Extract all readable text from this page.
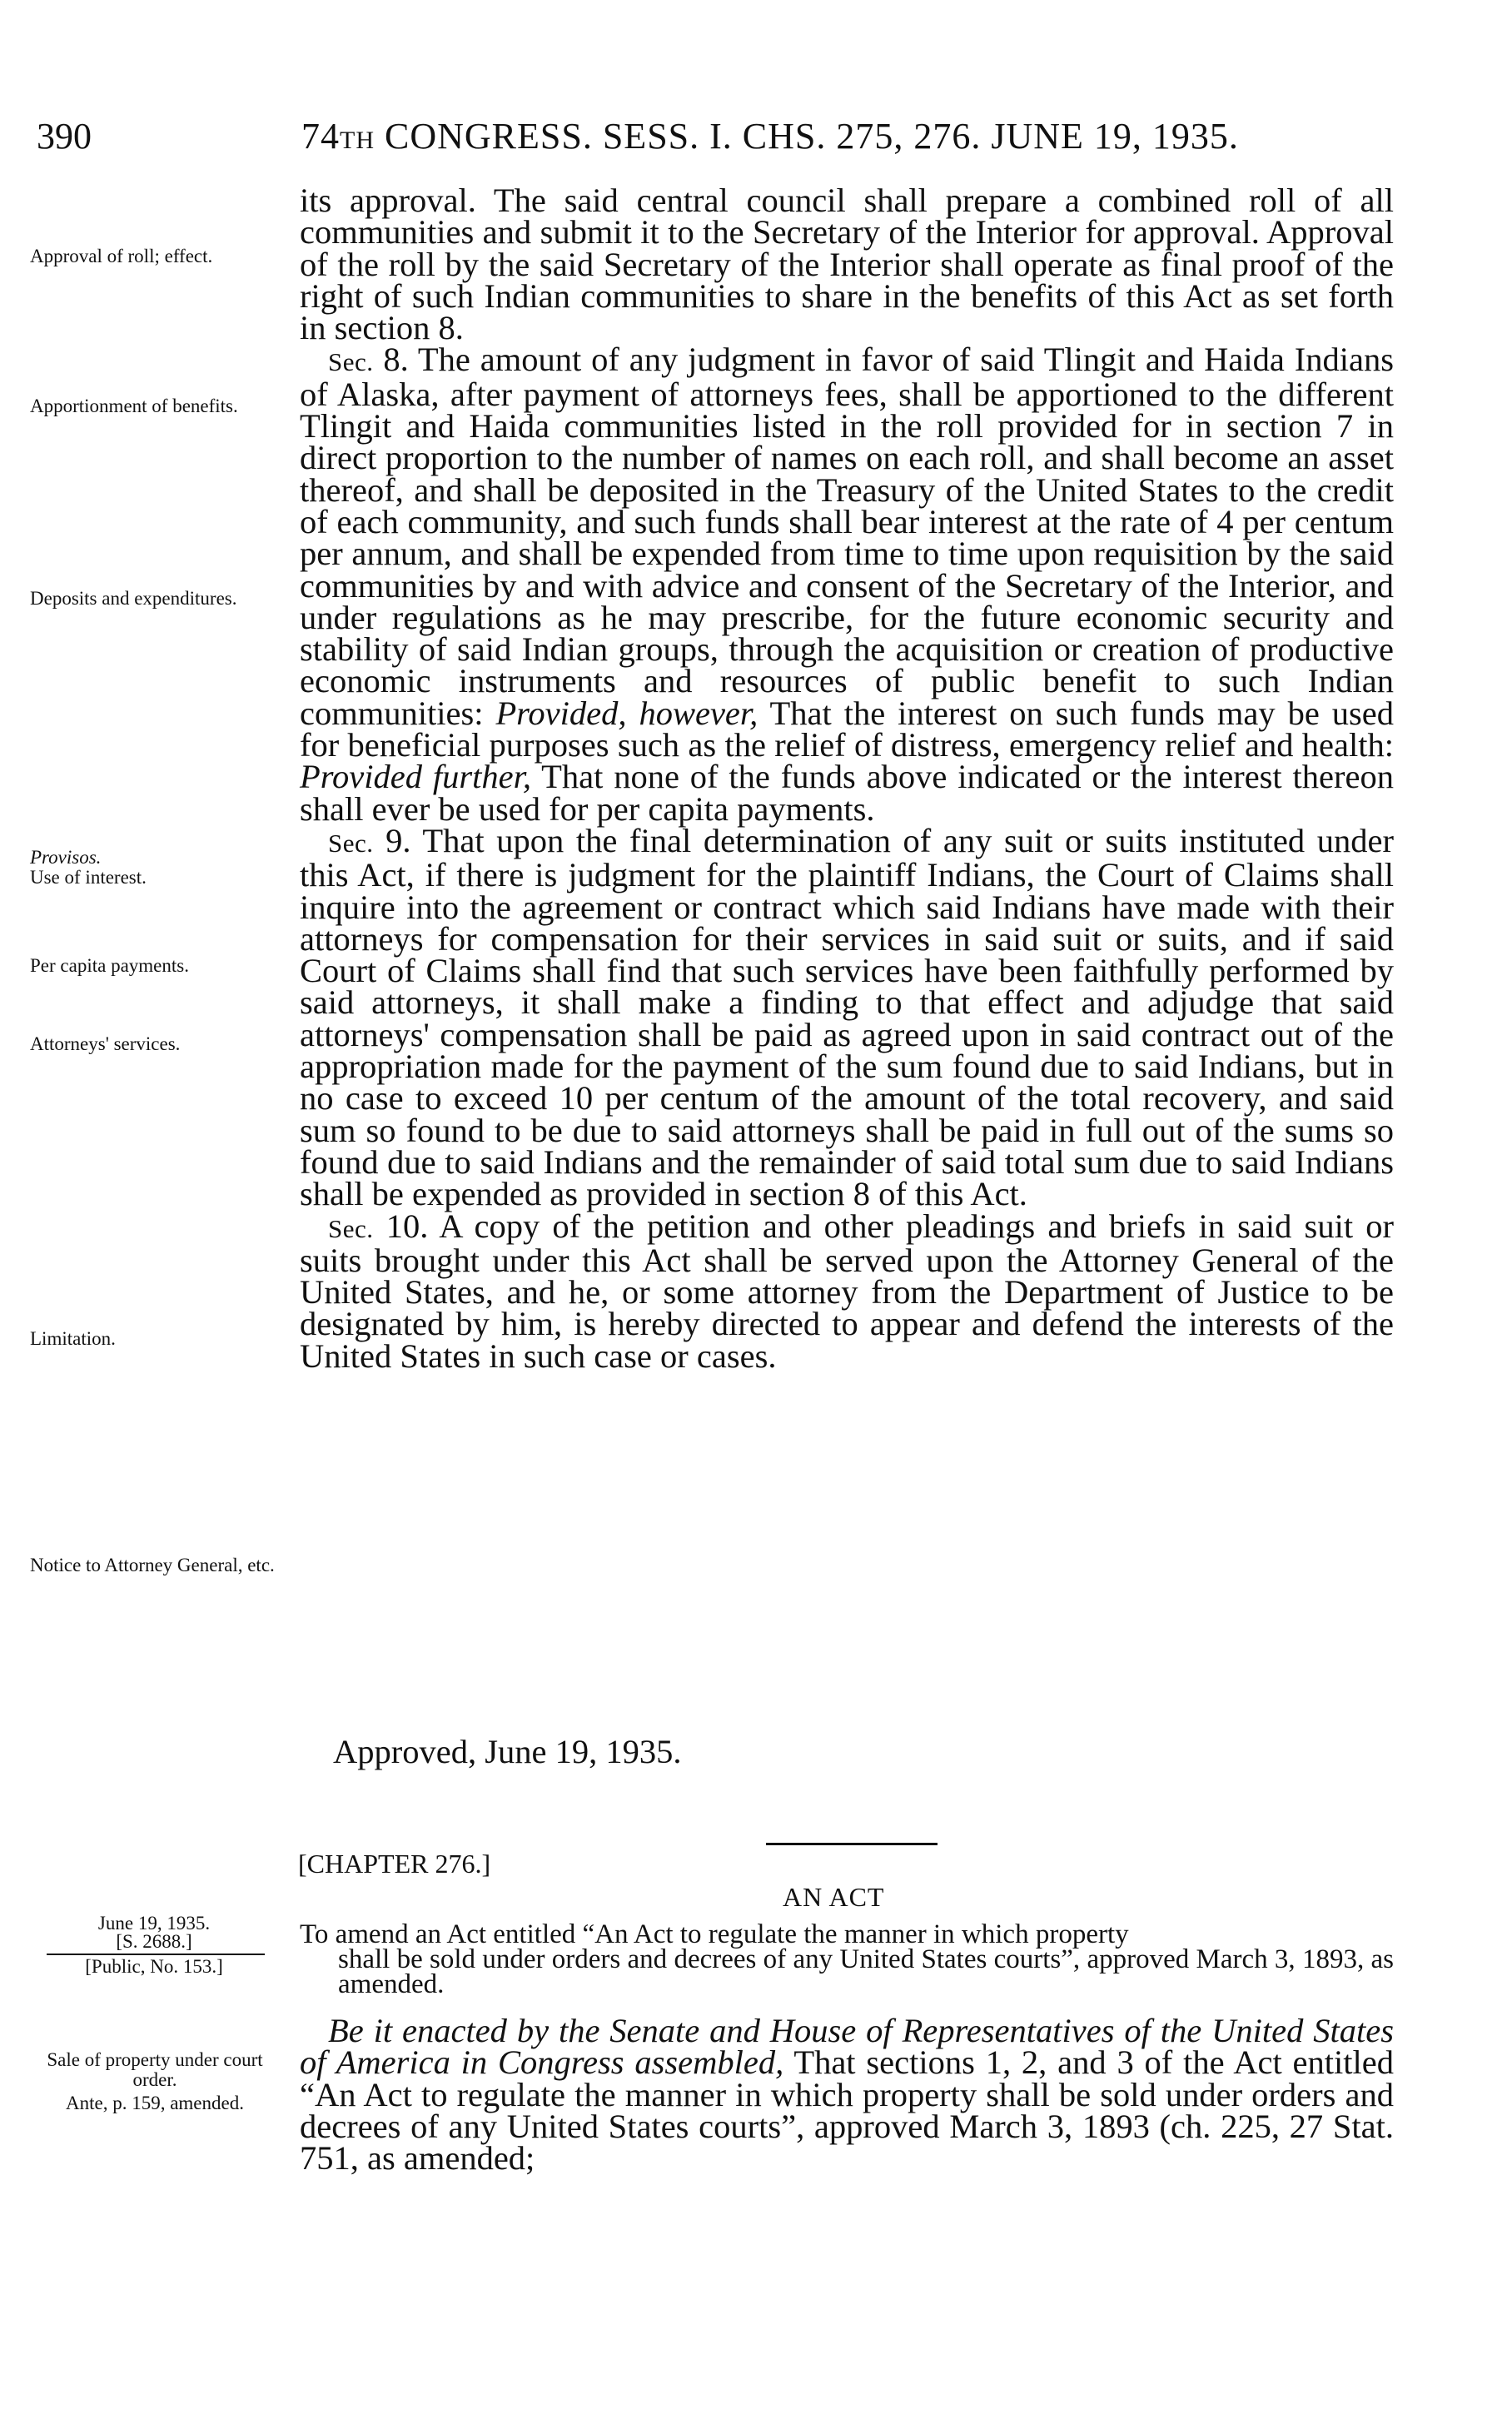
390	74TH CONGRESS. SESS. I. CHS. 275, 276. JUNE 19, 1935.
Approval of roll; effect.
Apportionment of benefits.
Deposits and expenditures.
Provisos.
Use of interest.
Per capita payments.
Attorneys' services.
Limitation.
Notice to Attorney General, etc.

its approval. The said central council shall prepare a combined roll of all communities and submit it to the Secretary of the Interior for approval. Approval of the roll by the said Secretary of the Interior shall operate as final proof of the right of such Indian communities to share in the benefits of this Act as set forth in section 8.

Sec. 8. The amount of any judgment in favor of said Tlingit and Haida Indians of Alaska, after payment of attorneys fees, shall be apportioned to the different Tlingit and Haida communities listed in the roll provided for in section 7 in direct proportion to the number of names on each roll, and shall become an asset thereof, and shall be deposited in the Treasury of the United States to the credit of each community, and such funds shall bear interest at the rate of 4 per centum per annum, and shall be expended from time to time upon requisition by the said communities by and with advice and consent of the Secretary of the Interior, and under regulations as he may prescribe, for the future economic security and stability of said Indian groups, through the acquisition or creation of productive economic instruments and resources of public benefit to such Indian communities: Provided, however, That the interest on such funds may be used for beneficial purposes such as the relief of distress, emergency relief and health: Provided further, That none of the funds above indicated or the interest thereon shall ever be used for per capita payments.

Sec. 9. That upon the final determination of any suit or suits instituted under this Act, if there is judgment for the plaintiff Indians, the Court of Claims shall inquire into the agreement or contract which said Indians have made with their attorneys for compensation for their services in said suit or suits, and if said Court of Claims shall find that such services have been faithfully performed by said attorneys, it shall make a finding to that effect and adjudge that said attorneys' compensation shall be paid as agreed upon in said contract out of the appropriation made for the payment of the sum found due to said Indians, but in no case to exceed 10 per centum of the amount of the total recovery, and said sum so found to be due to said attorneys shall be paid in full out of the sums so found due to said Indians and the remainder of said total sum due to said Indians shall be expended as provided in section 8 of this Act.

Sec. 10. A copy of the petition and other pleadings and briefs in said suit or suits brought under this Act shall be served upon the Attorney General of the United States, and he, or some attorney from the Department of Justice to be designated by him, is hereby directed to appear and defend the interests of the United States in such case or cases.

Approved, June 19, 1935.
[CHAPTER 276.]
AN ACT
June 19, 1935.
[S. 2688.]
[Public, No. 153.]
To amend an Act entitled “An Act to regulate the manner in which property
shall be sold under orders and decrees of any United States courts”, approved March 3, 1893, as amended.
Sale of property under court order.
Ante, p. 159, amended.

Be it enacted by the Senate and House of Representatives of the United States of America in Congress assembled, That sections 1, 2, and 3 of the Act entitled “An Act to regulate the manner in which property shall be sold under orders and decrees of any United States courts”, approved March 3, 1893 (ch. 225, 27 Stat. 751, as amended;
